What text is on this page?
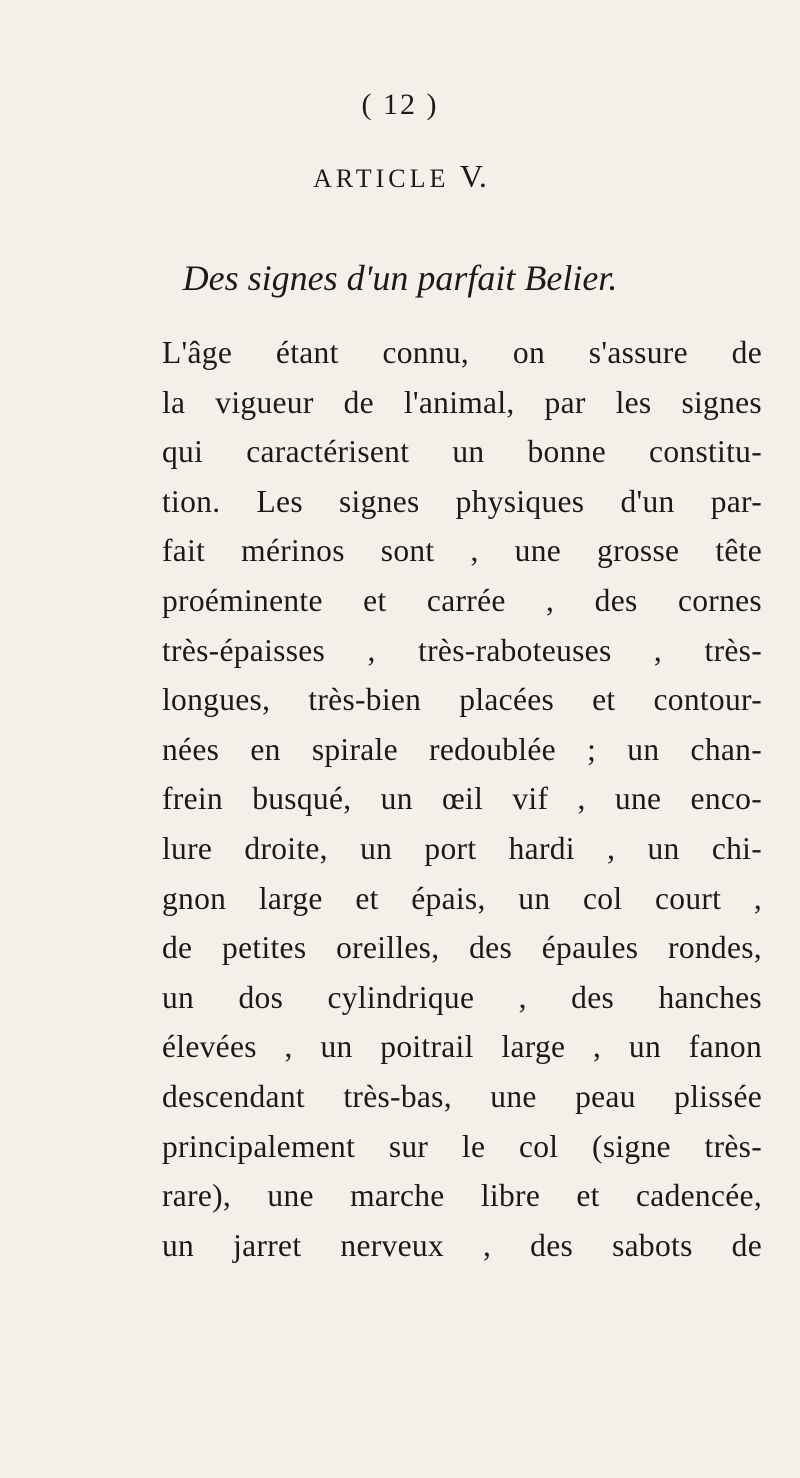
( 12 )
ARTICLE V.
Des signes d'un parfait Belier.
L'âge étant connu, on s'assure de
la vigueur de l'animal, par les signes
qui caractérisent un bonne constitu-
tion. Les signes physiques d'un par-
fait mérinos sont , une grosse tête
proéminente et carrée , des cornes
très-épaisses , très-raboteuses , très-
longues, très-bien placées et contour-
nées en spirale redoublée ; un chan-
frein busqué, un œil vif , une enco-
lure droite, un port hardi , un chi-
gnon large et épais, un col court ,
de petites oreilles, des épaules rondes,
un dos cylindrique , des hanches
élevées , un poitrail large , un fanon
descendant très-bas, une peau plissée
principalement sur le col (signe très-
rare), une marche libre et cadencée,
un jarret nerveux , des sabots de
